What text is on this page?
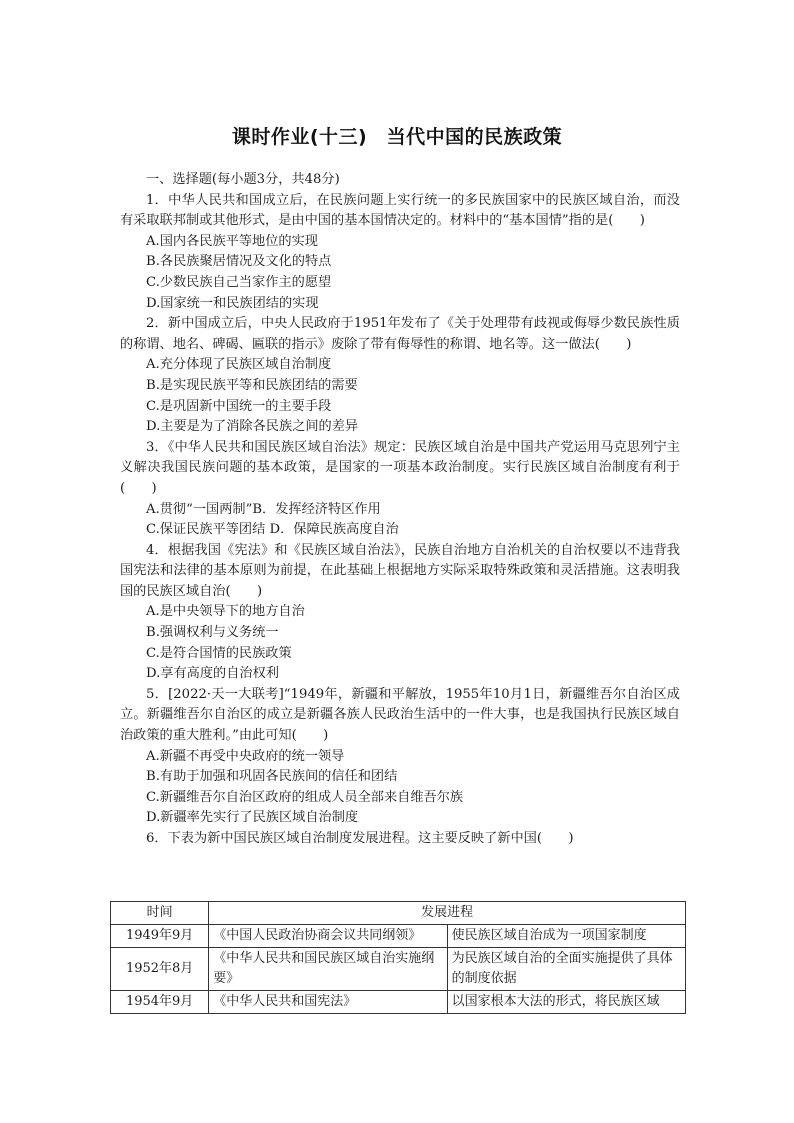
课时作业(十三)　当代中国的民族政策

一、选择题(每小题3分，共48分)

1．中华人民共和国成立后，在民族问题上实行统一的多民族国家中的民族区域自治，而没有采取联邦制或其他形式，是由中国的基本国情决定的。材料中的“基本国情”指的是(　　)

A.国内各民族平等地位的实现

B.各民族聚居情况及文化的特点

C.少数民族自己当家作主的愿望

D.国家统一和民族团结的实现

2．新中国成立后，中央人民政府于1951年发布了《关于处理带有歧视或侮辱少数民族性质的称谓、地名、碑碣、匾联的指示》废除了带有侮辱性的称谓、地名等。这一做法(　　)

A.充分体现了民族区域自治制度

B.是实现民族平等和民族团结的需要

C.是巩固新中国统一的主要手段

D.主要是为了消除各民族之间的差异

3．《中华人民共和国民族区域自治法》规定：民族区域自治是中国共产党运用马克思列宁主义解决我国民族问题的基本政策，是国家的一项基本政治制度。实行民族区域自治制度有利于(　　)

A.贯彻“一国两制”B．发挥经济特区作用

C.保证民族平等团结 D．保障民族高度自治

4．根据我国《宪法》和《民族区域自治法》，民族自治地方自治机关的自治权要以不违背我国宪法和法律的基本原则为前提，在此基础上根据地方实际采取特殊政策和灵活措施。这表明我国的民族区域自治(　　)

A.是中央领导下的地方自治

B.强调权利与义务统一

C.是符合国情的民族政策

D.享有高度的自治权利

5．[2022·天一大联考]“1949年，新疆和平解放，1955年10月1日，新疆维吾尔自治区成立。新疆维吾尔自治区的成立是新疆各族人民政治生活中的一件大事，也是我国执行民族区域自治政策的重大胜利。”由此可知(　　)

A.新疆不再受中央政府的统一领导

B.有助于加强和巩固各民族间的信任和团结

C.新疆维吾尔自治区政府的组成人员全部来自维吾尔族

D.新疆率先实行了民族区域自治制度

6．下表为新中国民族区域自治制度发展进程。这主要反映了新中国(　　)

时间	发展进程	
1949年9月	《中国人民政治协商会议共同纲领》	使民族区域自治成为一项国家制度
1952年8月	《中华人民共和国民族区域自治实施纲要》	为民族区域自治的全面实施提供了具体的制度依据
1954年9月	《中华人民共和国宪法》	以国家根本大法的形式，将民族区域
